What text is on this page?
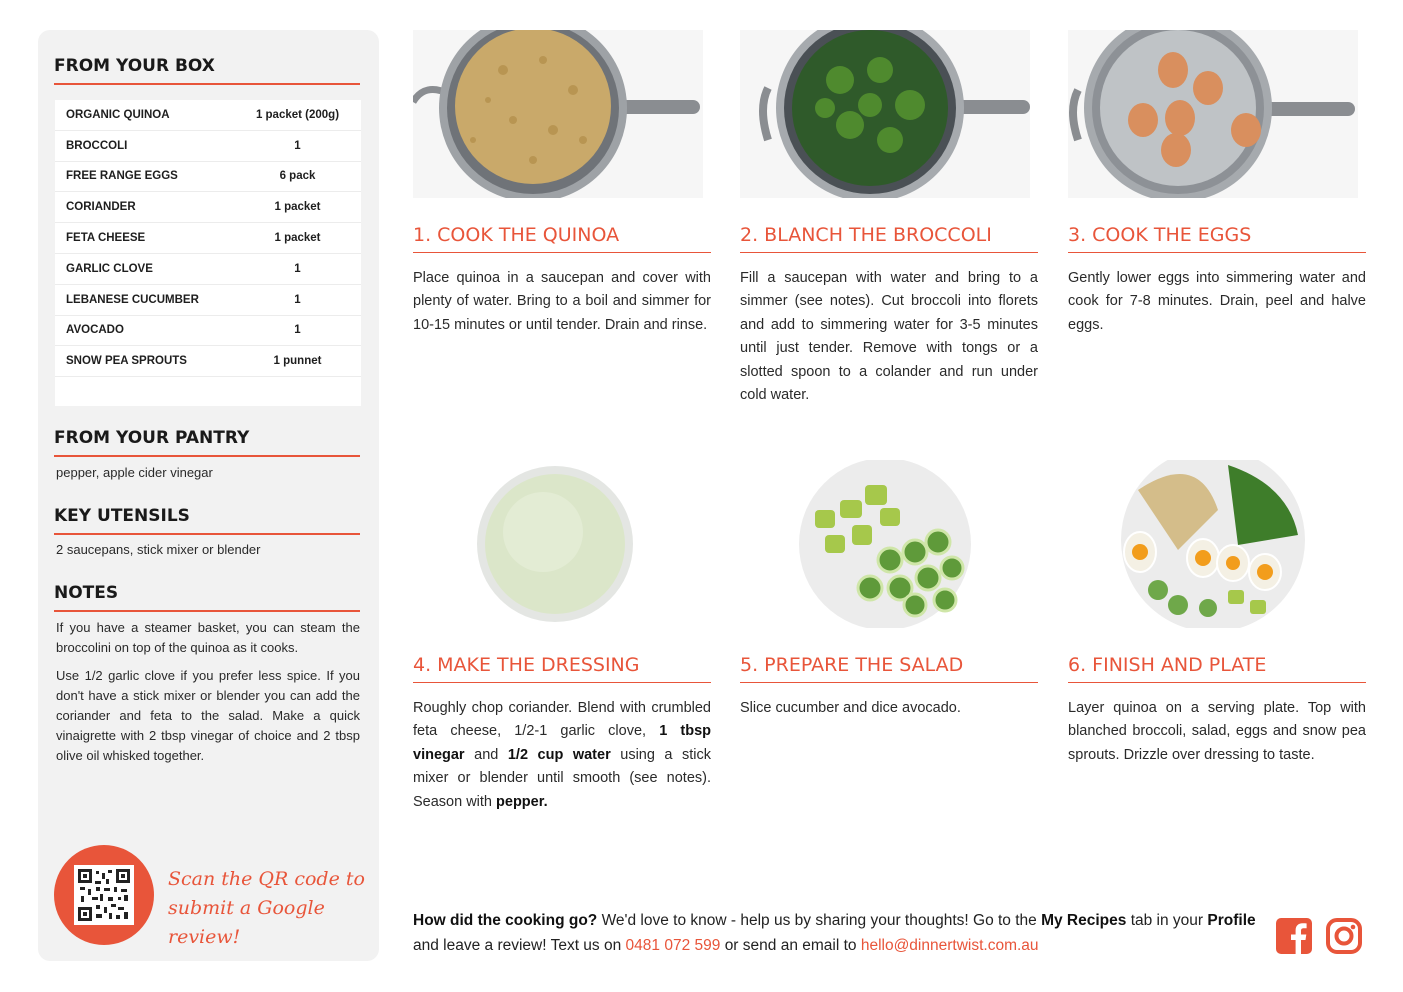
FROM YOUR BOX
ORGANIC QUINOA	1 packet (200g)
BROCCOLI	1
FREE RANGE EGGS	6 pack
CORIANDER	1 packet
FETA CHEESE	1 packet
GARLIC CLOVE	1
LEBANESE CUCUMBER	1
AVOCADO	1
SNOW PEA SPROUTS	1 punnet
FROM YOUR PANTRY
pepper, apple cider vinegar
KEY UTENSILS
2 saucepans, stick mixer or blender
NOTES

If you have a steamer basket, you can steam the broccolini on top of the quinoa as it cooks.

Use 1/2 garlic clove if you prefer less spice. If you don't have a stick mixer or blender you can add the coriander and feta to the salad. Make a quick vinaigrette with 2 tbsp vinegar of choice and 2 tbsp olive oil whisked together.

Scan the QR code to
submit a Google review!
1. COOK THE QUINOA
Place quinoa in a saucepan and cover with plenty of water. Bring to a boil and simmer for 10-15 minutes or until tender. Drain and rinse.
2. BLANCH THE BROCCOLI
Fill a saucepan with water and bring to a simmer (see notes). Cut broccoli into florets and add to simmering water for 3-5 minutes until just tender. Remove with tongs or a slotted spoon to a colander and run under cold water.
3. COOK THE EGGS
Gently lower eggs into simmering water and cook for 7-8 minutes. Drain, peel and halve eggs.
4. MAKE THE DRESSING
Roughly chop coriander. Blend with crumbled feta cheese, 1/2-1 garlic clove, 1 tbsp vinegar and 1/2 cup water using a stick mixer or blender until smooth (see notes). Season with pepper.
5. PREPARE THE SALAD
Slice cucumber and dice avocado.
6. FINISH AND PLATE
Layer quinoa on a serving plate. Top with blanched broccoli, salad, eggs and snow pea sprouts. Drizzle over dressing to taste.
How did the cooking go? We'd love to know - help us by sharing your thoughts! Go to the My Recipes tab in your Profile and leave a review! Text us on 0481 072 599 or send an email to hello@dinnertwist.com.au
